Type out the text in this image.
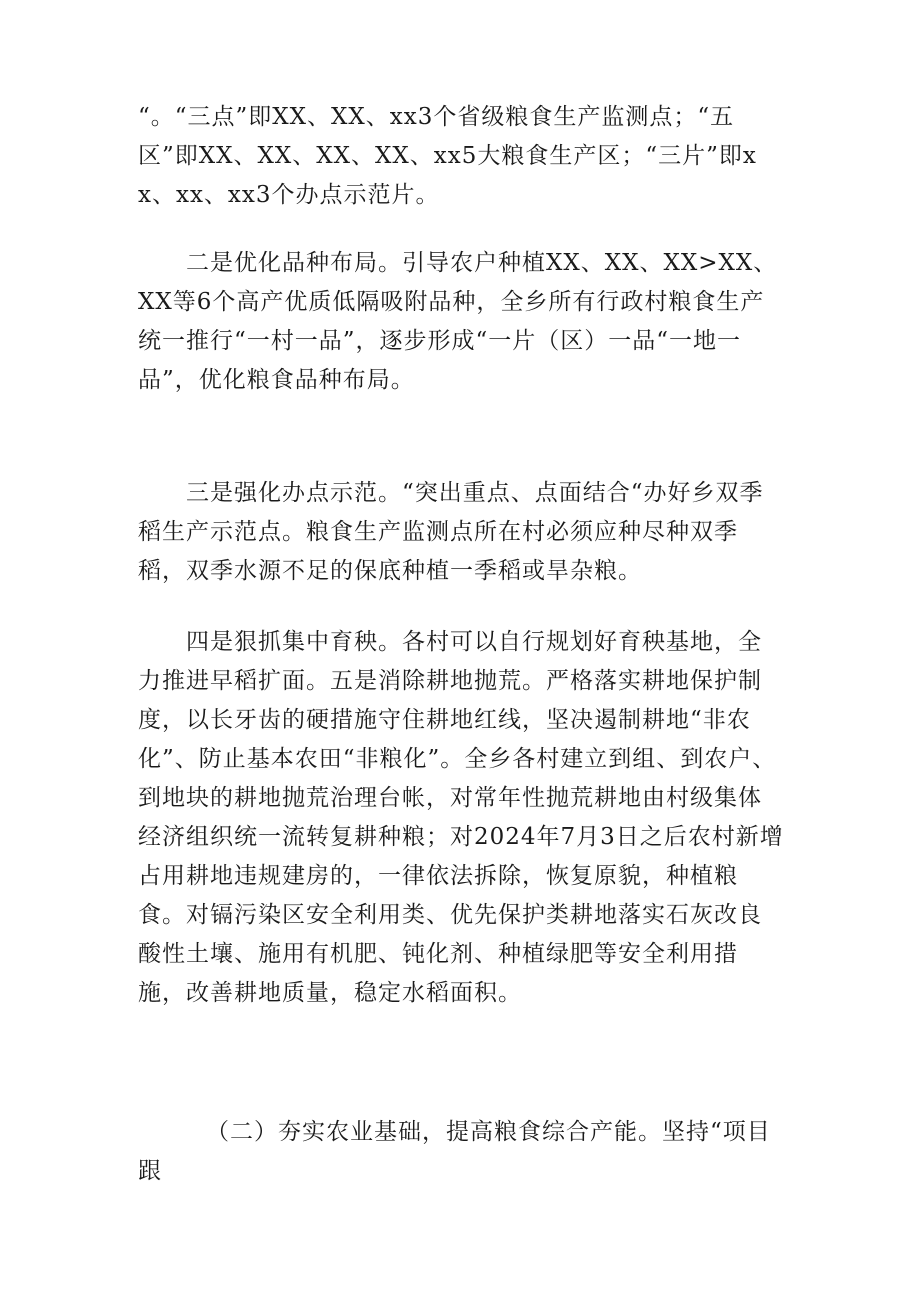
“。“三点”即XX、XX、xx3个省级粮食生产监测点；“五区”即XX、XX、XX、XX、xx5大粮食生产区；“三片”即xx、xx、xx3个办点示范片。

二是优化品种布局。引导农户种植XX、XX、XX>XX、XX等6个高产优质低隔吸附品种，全乡所有行政村粮食生产统一推行“一村一品”，逐步形成“一片（区）一品“一地一品”，优化粮食品种布局。

三是强化办点示范。“突出重点、点面结合“办好乡双季稻生产示范点。粮食生产监测点所在村必须应种尽种双季稻，双季水源不足的保底种植一季稻或旱杂粮。

四是狠抓集中育秧。各村可以自行规划好育秧基地，全力推进早稻扩面。五是消除耕地抛荒。严格落实耕地保护制度，以长牙齿的硬措施守住耕地红线，坚决遏制耕地“非农化”、防止基本农田“非粮化”。全乡各村建立到组、到农户、到地块的耕地抛荒治理台帐，对常年性抛荒耕地由村级集体经济组织统一流转复耕种粮；对2024年7月3日之后农村新增占用耕地违规建房的，一律依法拆除，恢复原貌，种植粮食。对镉污染区安全利用类、优先保护类耕地落实石灰改良酸性土壤、施用有机肥、钝化剂、种植绿肥等安全利用措施，改善耕地质量，稳定水稻面积。

（二）夯实农业基础，提高粮食综合产能。坚持“项目跟
